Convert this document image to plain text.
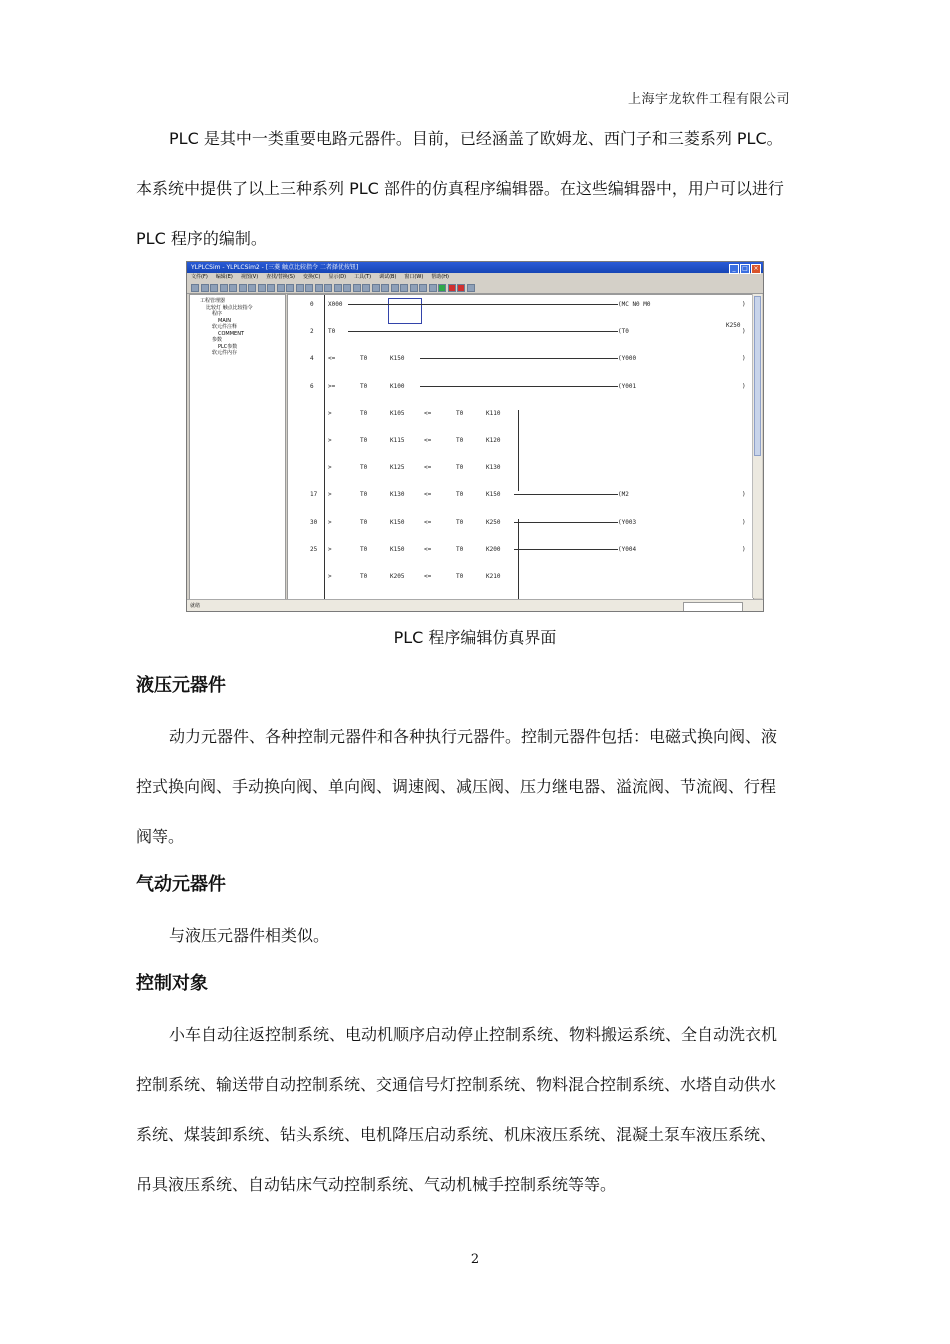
上海宇龙软件工程有限公司
PLC 是其中一类重要电路元器件。目前，已经涵盖了欧姆龙、西门子和三菱系列 PLC。
本系统中提供了以上三种系列 PLC 部件的仿真程序编辑器。在这些编辑器中，用户可以进行
PLC 程序的编制。
YLPLCSim - YLPLCSim2 - [三菱 触点比较指令 二者择优按钮]	_ □ ×
文件(F) 编辑(E) 视图(V) 查找/替换(S) 变换(C) 显示(D) 工具(T) 调试(B) 窗口(W) 帮助(H)
工程管理器
比较灯 触点比较指令
程序
MAIN
软元件注释
COMMENT
参数
PLC参数
软元件内存
0 X000	(MC N0 M0	)
2 T0	(T0	)
K250
4 <=	T0	K150	(Y000	)
6 >=	T0	K100	(Y001	)
>	T0	K105	<=	T0	K110
>	T0	K115	<=	T0	K120
>	T0	K125	<=	T0	K130
17 >	T0	K130	<=	T0	K150	(M2	)
30 >	T0	K150	<=	T0	K250	(Y003	)
25 >	T0	K150	<=	T0	K200	(Y004	)
>	T0	K205	<=	T0	K210
就绪
PLC 程序编辑仿真界面
液压元器件
动力元器件、各种控制元器件和各种执行元器件。控制元器件包括：电磁式换向阀、液
控式换向阀、手动换向阀、单向阀、调速阀、减压阀、压力继电器、溢流阀、节流阀、行程
阀等。
气动元器件
与液压元器件相类似。
控制对象
小车自动往返控制系统、电动机顺序启动停止控制系统、物料搬运系统、全自动洗衣机
控制系统、输送带自动控制系统、交通信号灯控制系统、物料混合控制系统、水塔自动供水
系统、煤装卸系统、钻头系统、电机降压启动系统、机床液压系统、混凝土泵车液压系统、
吊具液压系统、自动钻床气动控制系统、气动机械手控制系统等等。
2
